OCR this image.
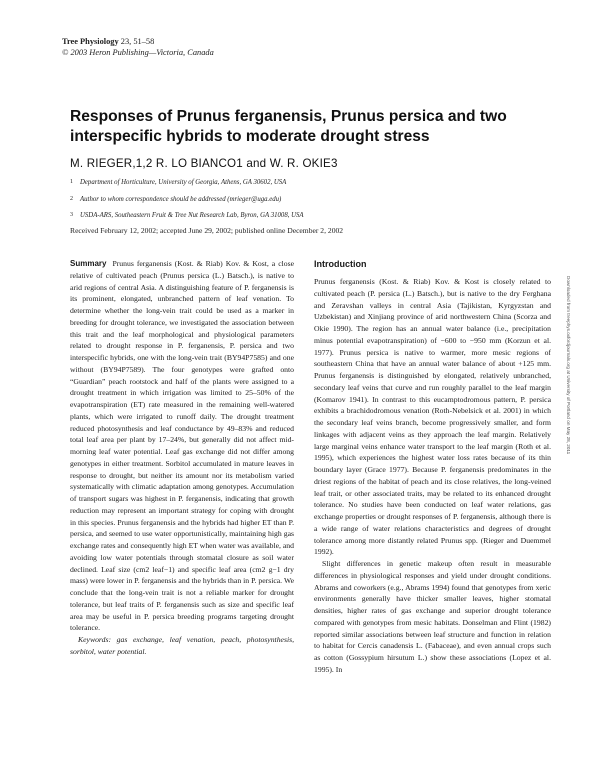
Tree Physiology 23, 51–58
© 2003 Heron Publishing—Victoria, Canada
Responses of Prunus ferganensis, Prunus persica and two interspecific hybrids to moderate drought stress
M. RIEGER,1,2 R. LO BIANCO1 and W. R. OKIE3
1	Department of Horticulture, University of Georgia, Athens, GA 30602, USA
2	Author to whom correspondence should be addressed (mrieger@uga.edu)
3	USDA-ARS, Southeastern Fruit & Tree Nut Research Lab, Byron, GA 31008, USA
Received February 12, 2002; accepted June 29, 2002; published online December 2, 2002

Summary Prunus ferganensis (Kost. & Riab) Kov. & Kost, a close relative of cultivated peach (Prunus persica (L.) Batsch.), is native to arid regions of central Asia. A distinguishing feature of P. ferganensis is its prominent, elongated, unbranched pattern of leaf venation. To determine whether the long-vein trait could be used as a marker in breeding for drought tolerance, we investigated the association between this trait and the leaf morphological and physiological parameters related to drought response in P. ferganensis, P. persica and two interspecific hybrids, one with the long-vein trait (BY94P7585) and one without (BY94P7589). The four genotypes were grafted onto “Guardian” peach rootstock and half of the plants were assigned to a drought treatment in which irrigation was limited to 25–50% of the evapotranspiration (ET) rate measured in the remaining well-watered plants, which were irrigated to runoff daily. The drought treatment reduced photosynthesis and leaf conductance by 49–83% and reduced total leaf area per plant by 17–24%, but generally did not affect mid-morning leaf water potential. Leaf gas exchange did not differ among genotypes in either treatment. Sorbitol accumulated in mature leaves in response to drought, but neither its amount nor its metabolism varied systematically with climatic adaptation among genotypes. Accumulation of transport sugars was highest in P. ferganensis, indicating that growth reduction may represent an important strategy for coping with drought in this species. Prunus ferganensis and the hybrids had higher ET than P. persica, and seemed to use water opportunistically, maintaining high gas exchange rates and consequently high ET when water was available, and avoiding low water potentials through stomatal closure as soil water declined. Leaf size (cm2 leaf−1) and specific leaf area (cm2 g−1 dry mass) were lower in P. ferganensis and the hybrids than in P. persica. We conclude that the long-vein trait is not a reliable marker for drought tolerance, but leaf traits of P. ferganensis such as size and specific leaf area may be useful in P. persica breeding programs targeting drought tolerance.

Keywords: gas exchange, leaf venation, peach, photosynthesis, sorbitol, water potential.

Introduction

Prunus ferganensis (Kost. & Riab) Kov. & Kost is closely related to cultivated peach (P. persica (L.) Batsch.), but is native to the dry Ferghana and Zeravshan valleys in central Asia (Tajikistan, Kyrgyzstan and Uzbekistan) and Xinjiang province of arid northwestern China (Scorza and Okie 1990). The region has an annual water balance (i.e., precipitation minus potential evapotranspiration) of −600 to −950 mm (Korzun et al. 1977). Prunus persica is native to warmer, more mesic regions of southeastern China that have an annual water balance of about +125 mm. Prunus ferganensis is distinguished by elongated, relatively unbranched, secondary leaf veins that curve and run roughly parallel to the leaf margin (Komarov 1941). In contrast to this eucamptodromous pattern, P. persica exhibits a brachidodromous venation (Roth-Nebelsick et al. 2001) in which the secondary leaf veins branch, become progressively smaller, and form linkages with adjacent veins as they approach the leaf margin. Relatively large marginal veins enhance water transport to the leaf margin (Roth et al. 1995), which experiences the highest water loss rates because of its thin boundary layer (Grace 1977). Because P. ferganensis predominates in the driest regions of the habitat of peach and its close relatives, the long-veined leaf trait, or other associated traits, may be related to its enhanced drought tolerance. No studies have been conducted on leaf water relations, gas exchange properties or drought responses of P. ferganensis, although there is a wide range of water relations characteristics and degrees of drought tolerance among more distantly related Prunus spp. (Rieger and Duemmel 1992).

Slight differences in genetic makeup often result in measurable differences in physiological responses and yield under drought conditions. Abrams and coworkers (e.g., Abrams 1994) found that genotypes from xeric environments generally have thicker smaller leaves, higher stomatal densities, higher rates of gas exchange and superior drought tolerance compared with genotypes from mesic habitats. Donselman and Flint (1982) reported similar associations between leaf structure and function in relation to habitat for Cercis canadensis L. (Fabaceae), and even annual crops such as cotton (Gossypium hirsutum L.) show these associations (Lopez et al. 1995). In

Downloaded from treephys.oxfordjournals.org at University of Portland on May 28, 2011
